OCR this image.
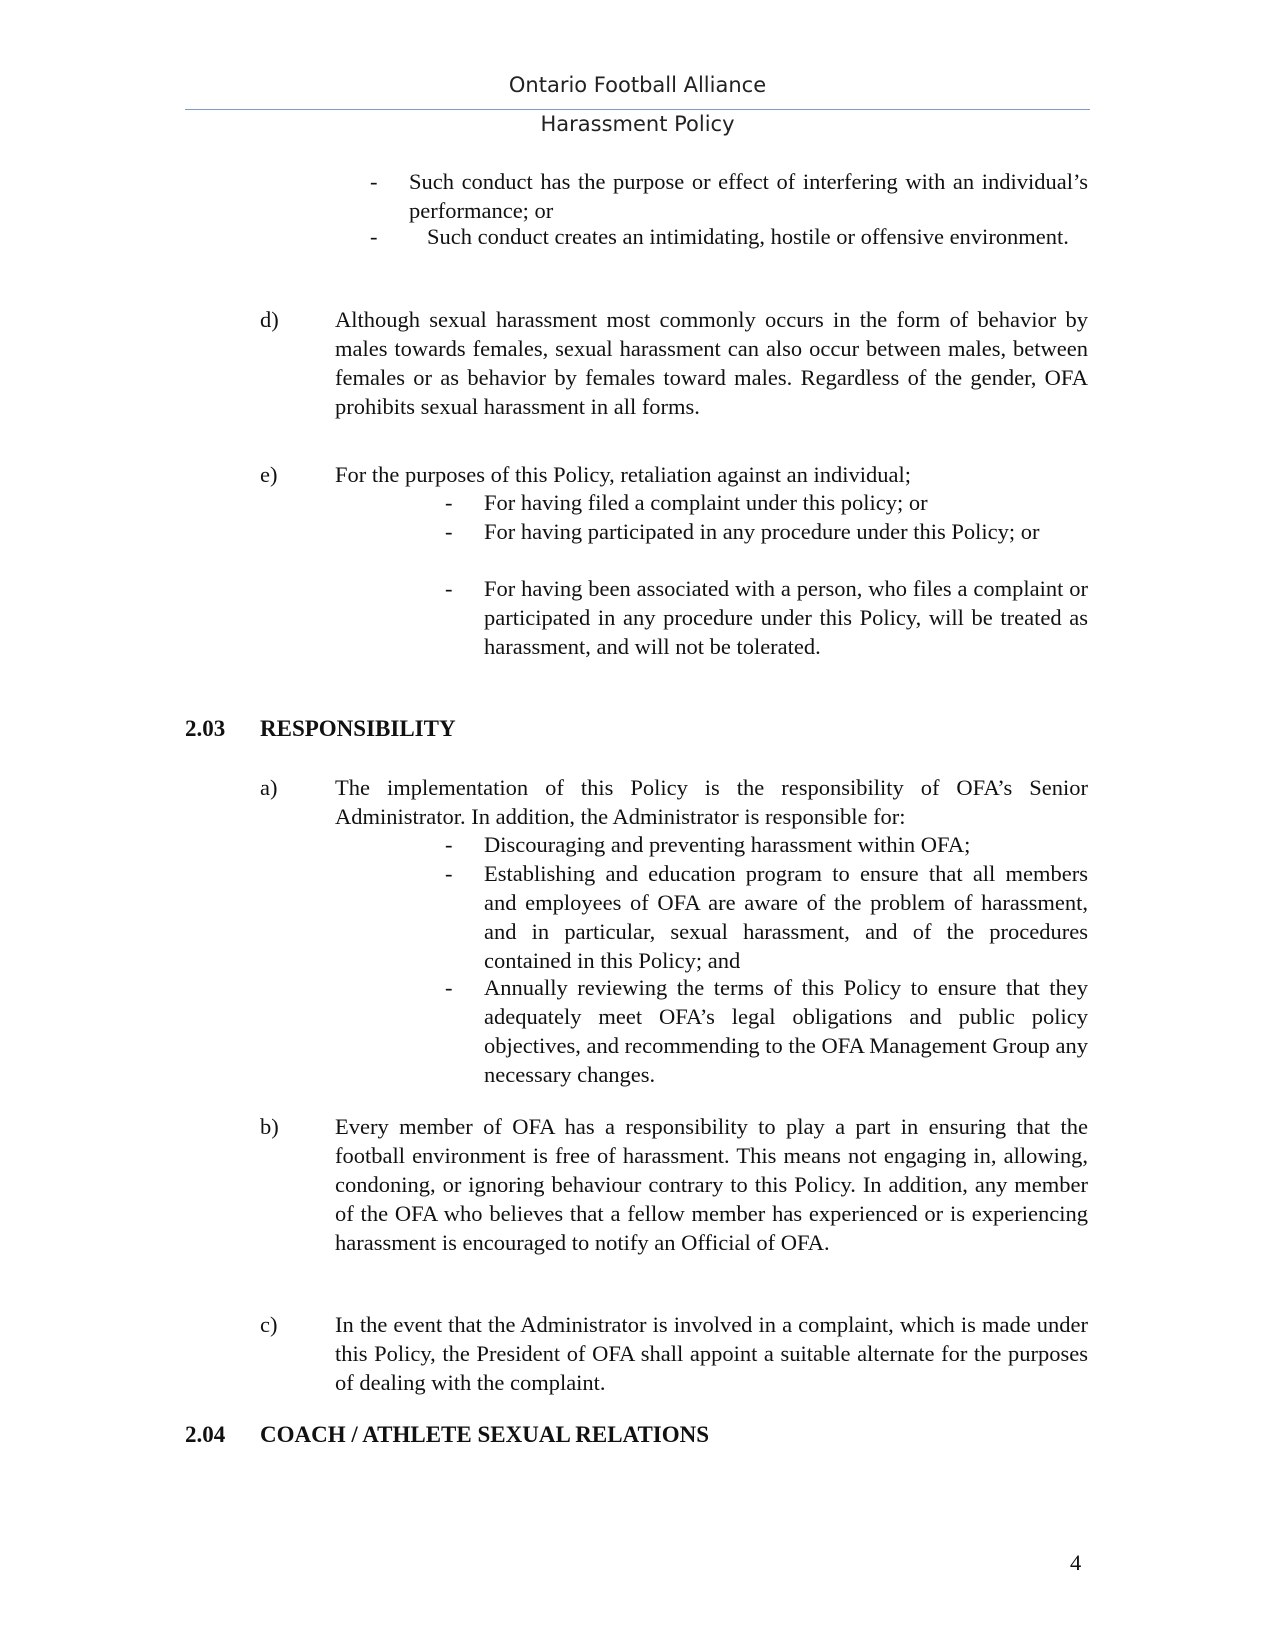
Ontario Football Alliance
Harassment Policy
- Such conduct has the purpose or effect of interfering with an individual’s performance; or
- Such conduct creates an intimidating, hostile or offensive environment.
d)	Although sexual harassment most commonly occurs in the form of behavior by males towards females, sexual harassment can also occur between males, between females or as behavior by females toward males. Regardless of the gender, OFA prohibits sexual harassment in all forms.
e)	For the purposes of this Policy, retaliation against an individual;
- For having filed a complaint under this policy; or
- For having participated in any procedure under this Policy; or
- For having been associated with a person, who files a complaint or participated in any procedure under this Policy, will be treated as harassment, and will not be tolerated.
2.03 RESPONSIBILITY
a)	The implementation of this Policy is the responsibility of OFA’s Senior Administrator. In addition, the Administrator is responsible for:
- Discouraging and preventing harassment within OFA;
- Establishing and education program to ensure that all members and employees of OFA are aware of the problem of harassment, and in particular, sexual harassment, and of the procedures contained in this Policy; and
- Annually reviewing the terms of this Policy to ensure that they adequately meet OFA’s legal obligations and public policy objectives, and recommending to the OFA Management Group any necessary changes.
b)	Every member of OFA has a responsibility to play a part in ensuring that the football environment is free of harassment. This means not engaging in, allowing, condoning, or ignoring behaviour contrary to this Policy. In addition, any member of the OFA who believes that a fellow member has experienced or is experiencing harassment is encouraged to notify an Official of OFA.
c)	In the event that the Administrator is involved in a complaint, which is made under this Policy, the President of OFA shall appoint a suitable alternate for the purposes of dealing with the complaint.
2.04 COACH / ATHLETE SEXUAL RELATIONS
4
